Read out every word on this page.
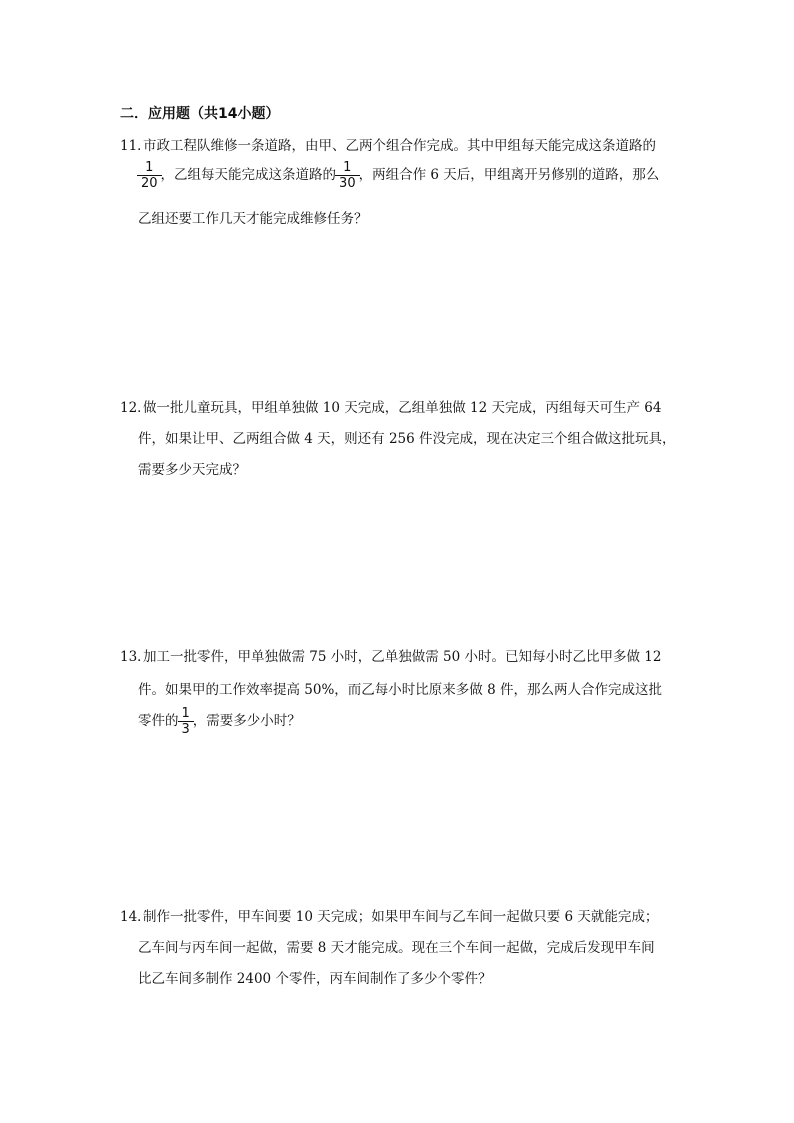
二．应用题（共14小题）
11．
市政工程队维修一条道路，由甲、乙两个组合作完成。其中甲组每天能完成这条道路的
$\frac{1}{20}$ ，乙组每天能完成这条道路的 $\frac{1}{30}$ ，两组合作 6 天后，甲组离开另修别的道路，那么
乙组还要工作几天才能完成维修任务？
12．
做一批儿童玩具，甲组单独做 10 天完成，乙组单独做 12 天完成，丙组每天可生产 64
件，如果让甲、乙两组合做 4 天，则还有 256 件没完成，现在决定三个组合做这批玩具，
需要多少天完成？
13．
加工一批零件，甲单独做需 75 小时，乙单独做需 50 小时。已知每小时乙比甲多做 12
件。如果甲的工作效率提高 50%，而乙每小时比原来多做 8 件，那么两人合作完成这批
零件的 $\frac{1}{3}$ ，需要多少小时？
14．
制作一批零件，甲车间要 10 天完成；如果甲车间与乙车间一起做只要 6 天就能完成；
乙车间与丙车间一起做，需要 8 天才能完成。现在三个车间一起做，完成后发现甲车间
比乙车间多制作 2400 个零件，丙车间制作了多少个零件？
